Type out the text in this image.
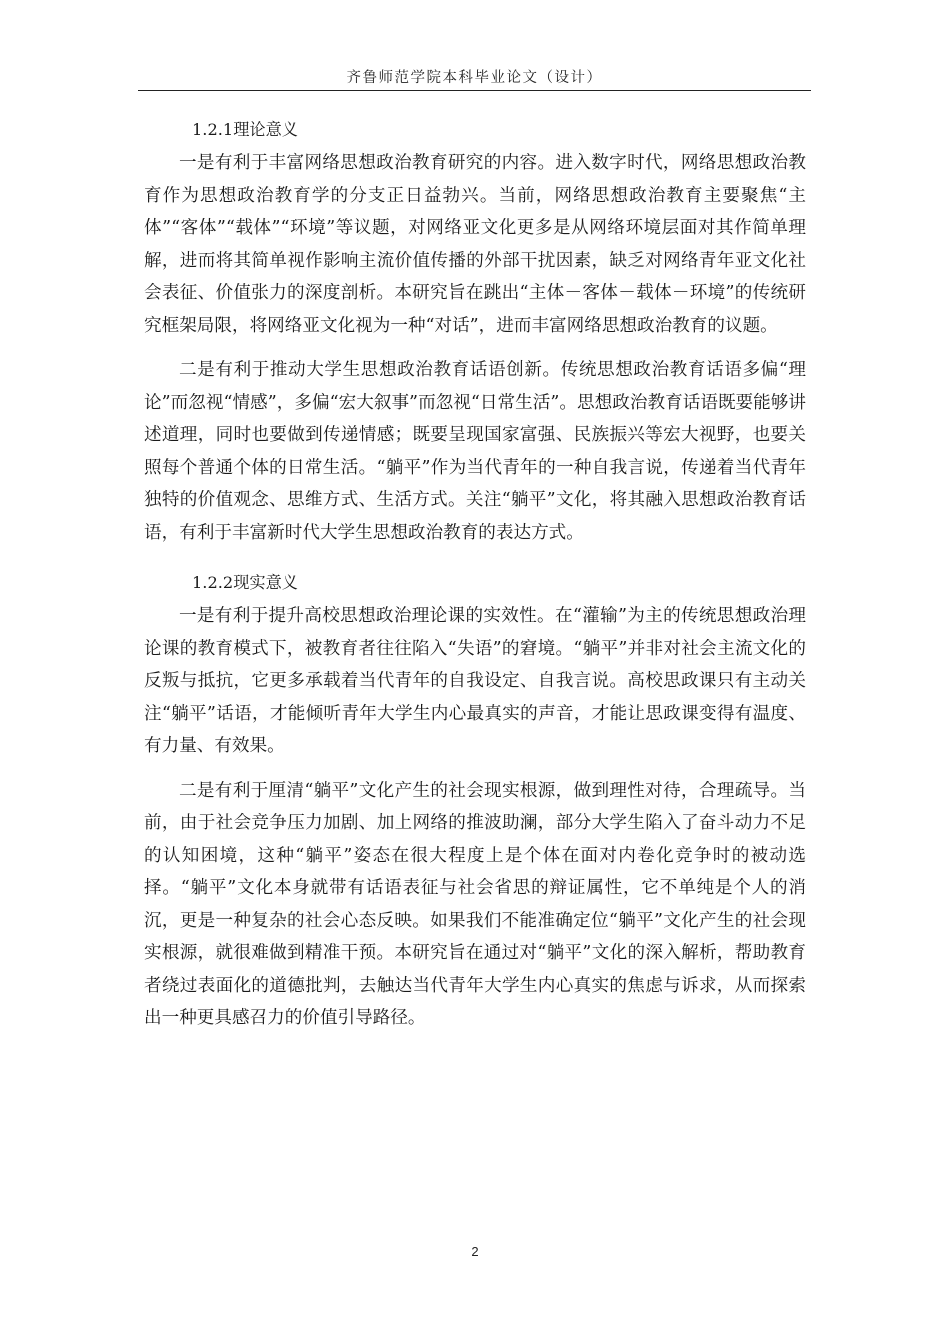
齐鲁师范学院本科毕业论文（设计）

1.2.1理论意义

一是有利于丰富网络思想政治教育研究的内容。进入数字时代，网络思想政治教育作为思想政治教育学的分支正日益勃兴。当前，网络思想政治教育主要聚焦“主体”“客体”“载体”“环境”等议题，对网络亚文化更多是从网络环境层面对其作简单理解，进而将其简单视作影响主流价值传播的外部干扰因素，缺乏对网络青年亚文化社会表征、价值张力的深度剖析。本研究旨在跳出“主体－客体－载体－环境”的传统研究框架局限，将网络亚文化视为一种“对话”，进而丰富网络思想政治教育的议题。

二是有利于推动大学生思想政治教育话语创新。传统思想政治教育话语多偏“理论”而忽视“情感”，多偏“宏大叙事”而忽视“日常生活”。思想政治教育话语既要能够讲述道理，同时也要做到传递情感；既要呈现国家富强、民族振兴等宏大视野，也要关照每个普通个体的日常生活。“躺平”作为当代青年的一种自我言说，传递着当代青年独特的价值观念、思维方式、生活方式。关注“躺平”文化，将其融入思想政治教育话语，有利于丰富新时代大学生思想政治教育的表达方式。

1.2.2现实意义

一是有利于提升高校思想政治理论课的实效性。在“灌输”为主的传统思想政治理论课的教育模式下，被教育者往往陷入“失语”的窘境。“躺平”并非对社会主流文化的反叛与抵抗，它更多承载着当代青年的自我设定、自我言说。高校思政课只有主动关注“躺平”话语，才能倾听青年大学生内心最真实的声音，才能让思政课变得有温度、有力量、有效果。

二是有利于厘清“躺平”文化产生的社会现实根源，做到理性对待，合理疏导。当前，由于社会竞争压力加剧、加上网络的推波助澜，部分大学生陷入了奋斗动力不足的认知困境，这种“躺平”姿态在很大程度上是个体在面对内卷化竞争时的被动选择。“躺平”文化本身就带有话语表征与社会省思的辩证属性，它不单纯是个人的消沉，更是一种复杂的社会心态反映。如果我们不能准确定位“躺平”文化产生的社会现实根源，就很难做到精准干预。本研究旨在通过对“躺平”文化的深入解析，帮助教育者绕过表面化的道德批判，去触达当代青年大学生内心真实的焦虑与诉求，从而探索出一种更具感召力的价值引导路径。

2
